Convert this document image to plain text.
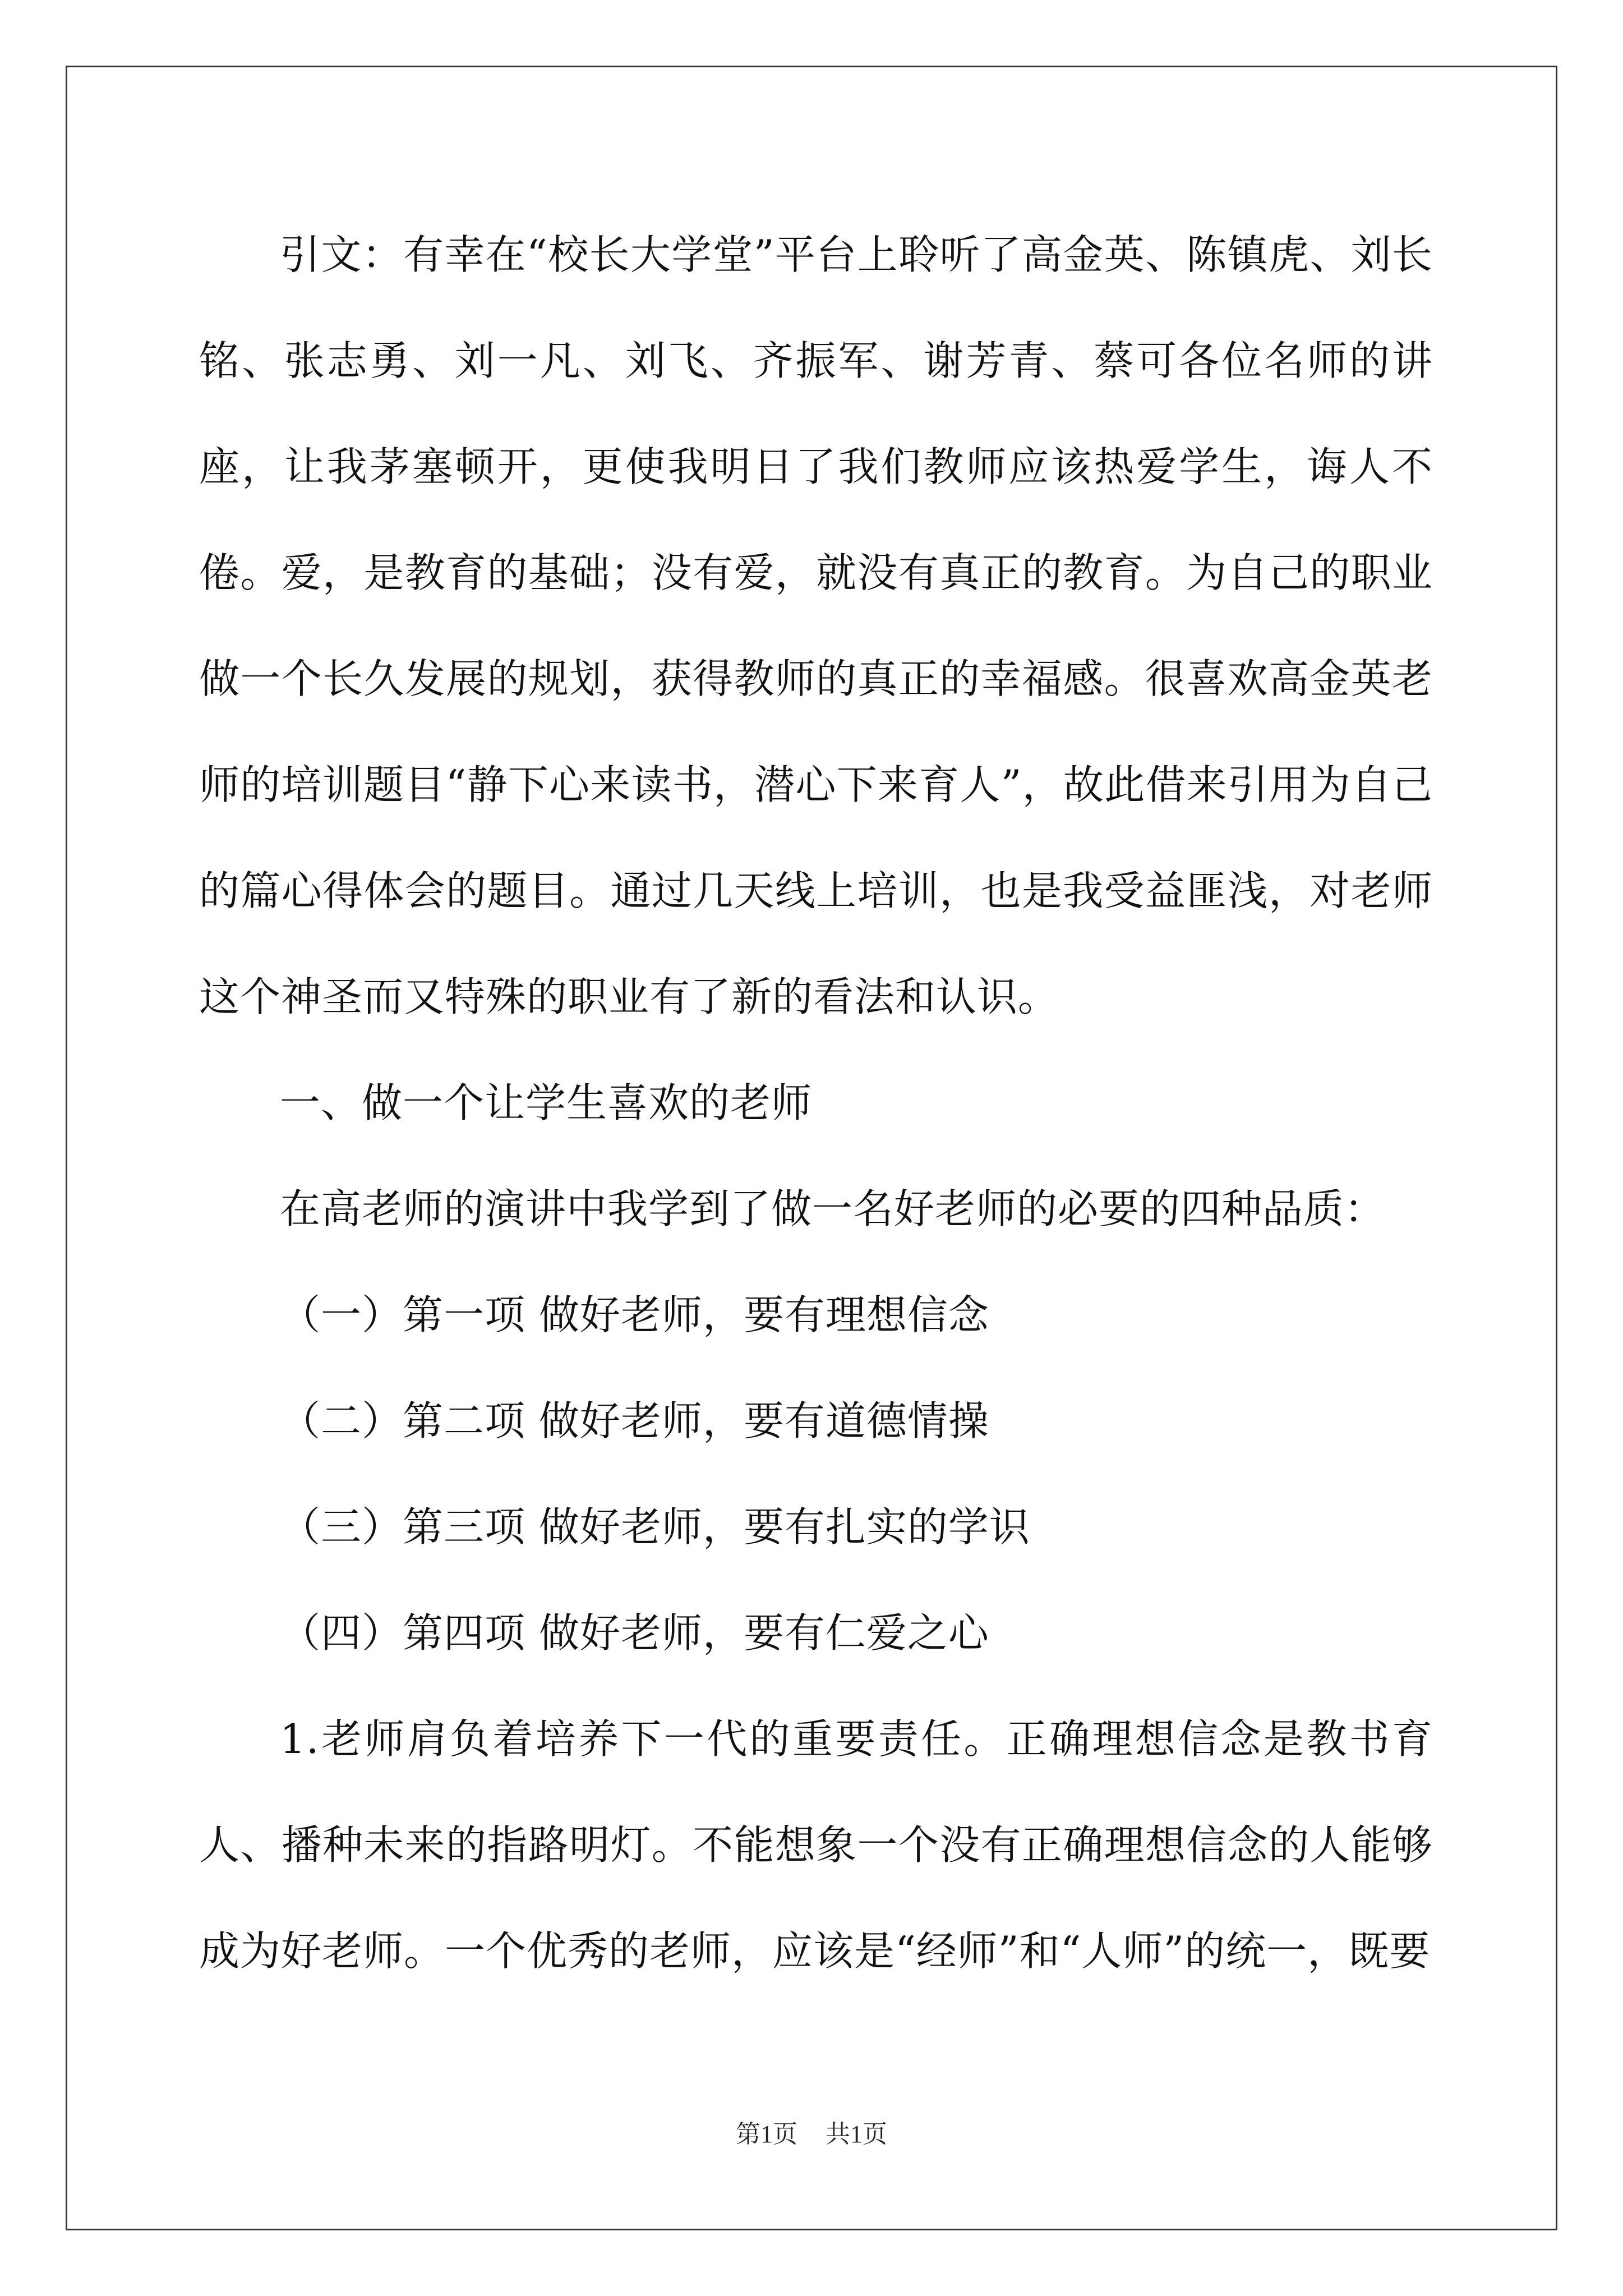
引文：有幸在“校长大学堂”平台上聆听了高金英、陈镇虎、刘长铭、张志勇、刘一凡、刘飞、齐振军、谢芳青、蔡可各位名师的讲座，让我茅塞顿开，更使我明日了我们教师应该热爱学生，诲人不倦。爱，是教育的基础；没有爱，就没有真正的教育。为自己的职业做一个长久发展的规划，获得教师的真正的幸福感。很喜欢高金英老师的培训题目“静下心来读书，潜心下来育人”，故此借来引用为自己的篇心得体会的题目。通过几天线上培训，也是我受益匪浅，对老师这个神圣而又特殊的职业有了新的看法和认识。

一、做一个让学生喜欢的老师

在高老师的演讲中我学到了做一名好老师的必要的四种品质：

（一）第一项 做好老师，要有理想信念

（二）第二项 做好老师，要有道德情操

（三）第三项 做好老师，要有扎实的学识

（四）第四项 做好老师，要有仁爱之心

1.老师肩负着培养下一代的重要责任。正确理想信念是教书育人、播种未来的指路明灯。不能想象一个没有正确理想信念的人能够成为好老师。一个优秀的老师，应该是“经师”和“人师”的统一，既要

第1页 共1页
